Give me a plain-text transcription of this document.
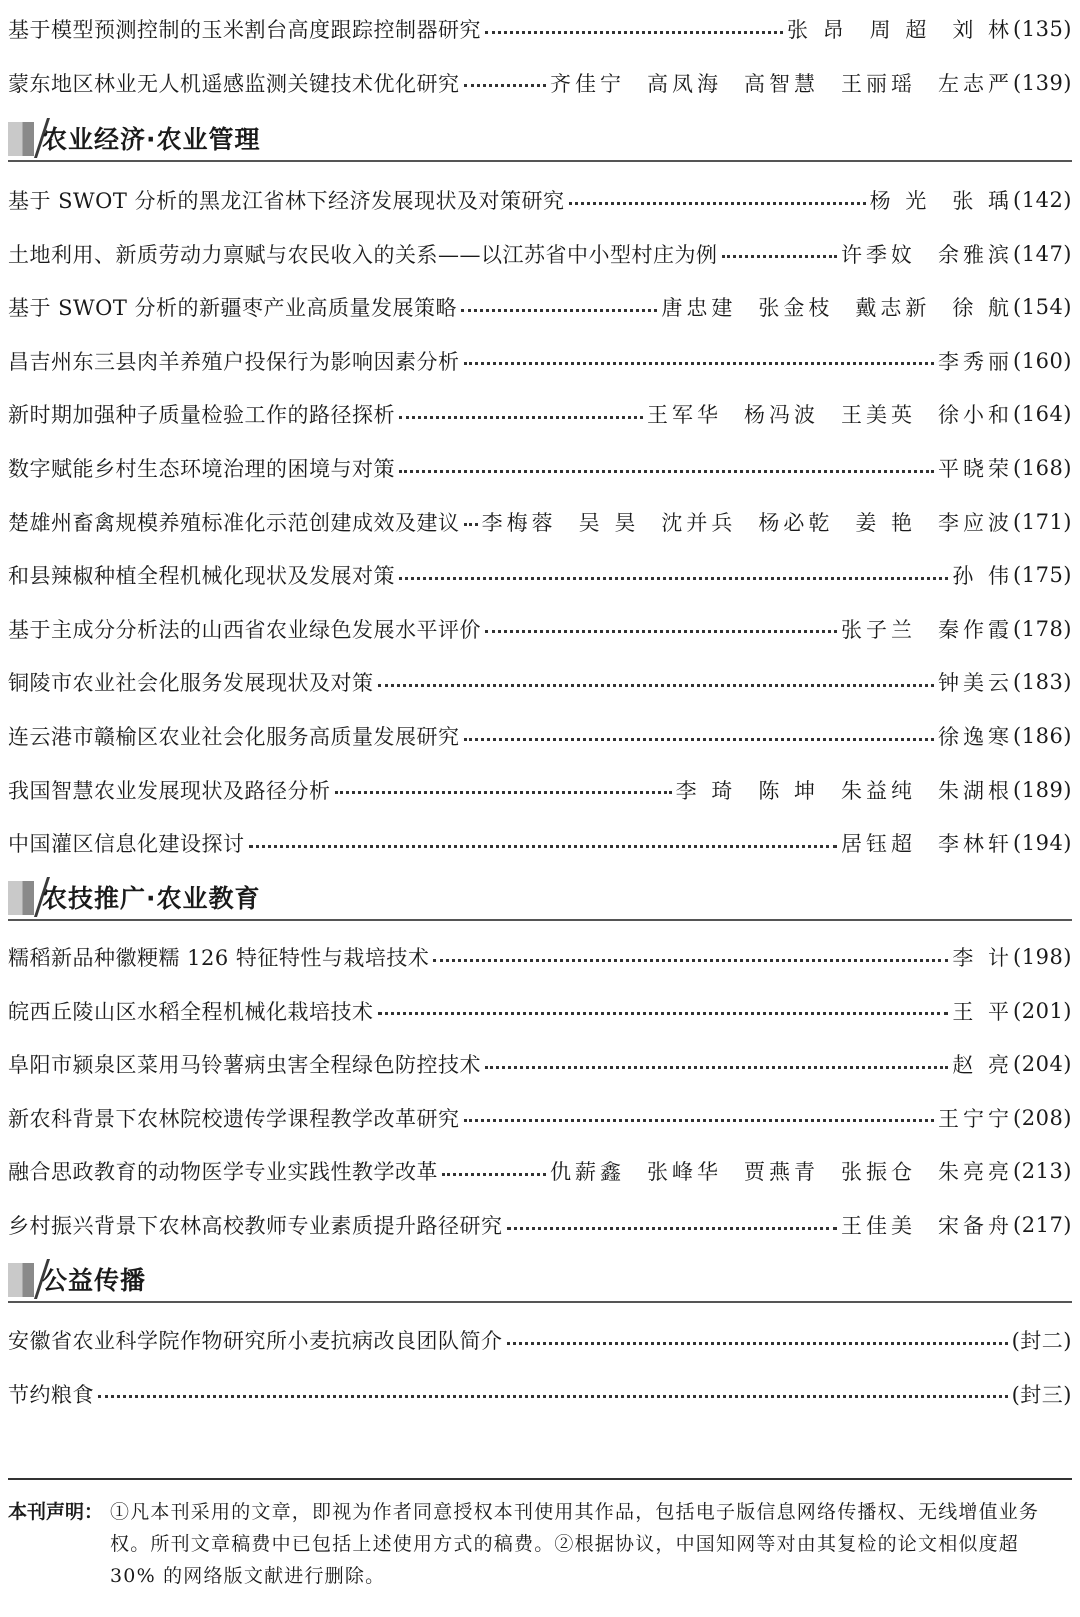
基于模型预测控制的玉米割台高度跟踪控制器研究	张 昂 周 超 刘 林 (135)
蒙东地区林业无人机遥感监测关键技术优化研究	齐佳宁 高凤海 高智慧 王丽瑶 左志严 (139)
农业经济·农业管理
基于 SWOT 分析的黑龙江省林下经济发展现状及对策研究	杨 光 张 瑀 (142)
土地利用、新质劳动力禀赋与农民收入的关系——以江苏省中小型村庄为例	许季妏 余雅滨 (147)
基于 SWOT 分析的新疆枣产业高质量发展策略	唐忠建 张金枝 戴志新 徐 航 (154)
昌吉州东三县肉羊养殖户投保行为影响因素分析	李秀丽 (160)
新时期加强种子质量检验工作的路径探析	王军华 杨冯波 王美英 徐小和 (164)
数字赋能乡村生态环境治理的困境与对策	平晓荣 (168)
楚雄州畜禽规模养殖标准化示范创建成效及建议 李梅蓉 吴 昊 沈并兵 杨必乾 姜 艳 李应波 (171)
和县辣椒种植全程机械化现状及发展对策	孙 伟 (175)
基于主成分分析法的山西省农业绿色发展水平评价	张子兰 秦作霞 (178)
铜陵市农业社会化服务发展现状及对策	钟美云 (183)
连云港市赣榆区农业社会化服务高质量发展研究	徐逸寒 (186)
我国智慧农业发展现状及路径分析	李 琦 陈 坤 朱益纯 朱湖根 (189)
中国灌区信息化建设探讨	居钰超 李林轩 (194)
农技推广·农业教育
糯稻新品种徽粳糯 126 特征特性与栽培技术	李 计 (198)
皖西丘陵山区水稻全程机械化栽培技术	王 平 (201)
阜阳市颍泉区菜用马铃薯病虫害全程绿色防控技术	赵 亮 (204)
新农科背景下农林院校遗传学课程教学改革研究	王宁宁 (208)
融合思政教育的动物医学专业实践性教学改革	仇薪鑫 张峰华 贾燕青 张振仓 朱亮亮 (213)
乡村振兴背景下农林高校教师专业素质提升路径研究	王佳美 宋备舟 (217)
公益传播
安徽省农业科学院作物研究所小麦抗病改良团队简介	(封二)
节约粮食	(封三)
本刊声明： ①凡本刊采用的文章，即视为作者同意授权本刊使用其作品，包括电子版信息网络传播权、无线增值业务权。所刊文章稿费中已包括上述使用方式的稿费。②根据协议，中国知网等对由其复检的论文相似度超 30% 的网络版文献进行删除。
